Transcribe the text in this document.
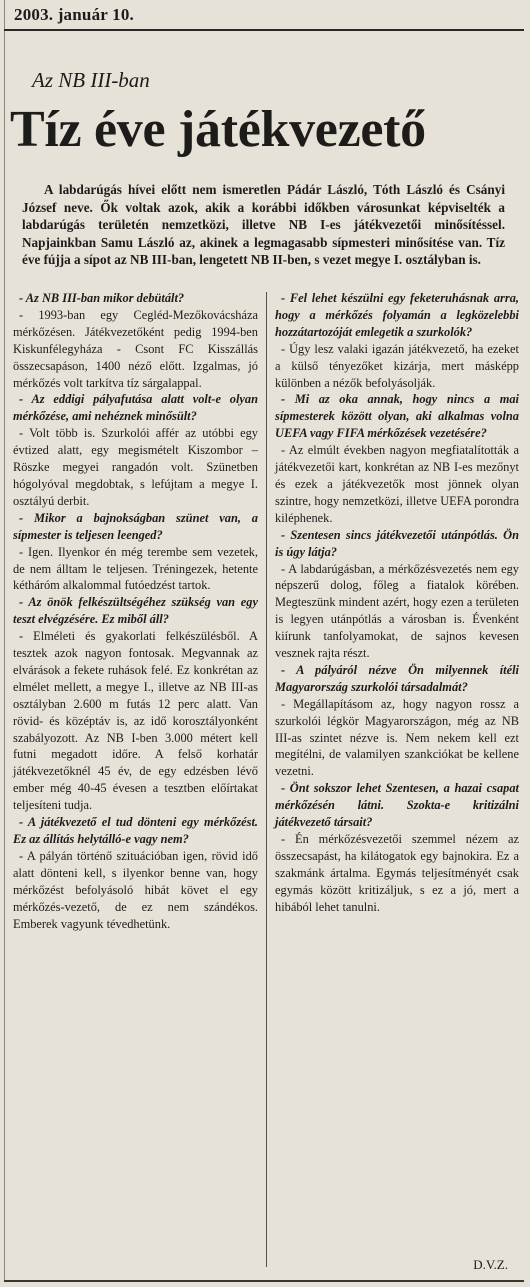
2003. január 10.
Az NB III-ban
Tíz éve játékvezető

A labdarúgás hívei előtt nem ismeretlen Pádár László, Tóth László és Csányi József neve. Ők voltak azok, akik a korábbi időkben városunkat képviselték a labdarúgás területén nemzetközi, illetve NB I-es játékvezetői minősítéssel. Napjainkban Samu László az, akinek a legmagasabb sípmesteri minősítése van. Tíz éve fújja a sípot az NB III-ban, lengetett NB II-ben, s vezet megye I. osztályban is.

- Az NB III-ban mikor debütált?

- 1993-ban egy Cegléd-Mezőkovácsháza mérkőzésen. Játékvezetőként pedig 1994-ben Kiskunfélegyháza - Csont FC Kisszállás összecsapáson, 1400 néző előtt. Izgalmas, jó mérkőzés volt tarkítva tíz sárgalappal.

- Az eddigi pályafutása alatt volt-e olyan mérkőzése, ami nehéznek minősült?

- Volt több is. Szurkolói affér az utóbbi egy évtized alatt, egy megismételt Kiszombor – Röszke megyei rangadón volt. Szünetben hógolyóval megdobtak, s lefújtam a megye I. osztályú derbit.

- Mikor a bajnokságban szünet van, a sípmester is teljesen leenged?

- Igen. Ilyenkor én még terembe sem vezetek, de nem álltam le teljesen. Tréningezek, hetente kétháróm alkalommal futóedzést tartok.

- Az önök felkészültségéhez szükség van egy teszt elvégzésére. Ez miből áll?

- Elméleti és gyakorlati felkészülésből. A tesztek azok nagyon fontosak. Megvannak az elvárások a fekete ruhások felé. Ez konkrétan az elmélet mellett, a megye I., illetve az NB III-as osztályban 2.600 m futás 12 perc alatt. Van rövid- és középtáv is, az idő korosztályonként szabályozott. Az NB I-ben 3.000 métert kell futni megadott időre. A felső korhatár játékvezetőknél 45 év, de egy edzésben lévő ember még 40-45 évesen a tesztben előírtakat teljesíteni tudja.

- A játékvezető el tud dönteni egy mérkőzést. Ez az állítás helytálló-e vagy nem?

- A pályán történő szituációban igen, rövid idő alatt dönteni kell, s ilyenkor benne van, hogy mérkőzést befolyásoló hibát követ el egy mérkőzés-vezető, de ez nem szándékos. Emberek vagyunk tévedhetünk.

- Fel lehet készülni egy feketeruhásnak arra, hogy a mérkőzés folyamán a legközelebbi hozzátartozóját emlegetik a szurkolók?

- Úgy lesz valaki igazán játékvezető, ha ezeket a külső tényezőket kizárja, mert másképp különben a nézők befolyásolják.

- Mi az oka annak, hogy nincs a mai sípmesterek között olyan, aki alkalmas volna UEFA vagy FIFA mérkőzések vezetésére?

- Az elmúlt években nagyon megfiatalították a játékvezetői kart, konkrétan az NB I-es mezőnyt és ezek a játékvezetők most jönnek olyan szintre, hogy nemzetközi, illetve UEFA porondra kiléphenek.

- Szentesen sincs játékvezetői utánpótlás. Ön is úgy látja?

- A labdarúgásban, a mérkőzésvezetés nem egy népszerű dolog, főleg a fiatalok körében. Megteszünk mindent azért, hogy ezen a területen is legyen utánpótlás a városban is. Évenként kiírunk tanfolyamokat, de sajnos kevesen vesznek rajta részt.

- A pályáról nézve Ön milyennek ítéli Magyarország szurkolói társadalmát?

- Megállapításom az, hogy nagyon rossz a szurkolói légkör Magyarországon, még az NB III-as szintet nézve is. Nem nekem kell ezt megítélni, de valamilyen szankciókat be kellene vezetni.

- Önt sokszor lehet Szentesen, a hazai csapat mérkőzésén látni. Szokta-e kritizálni játékvezető társait?

- Én mérkőzésvezetői szemmel nézem az összecsapást, ha kilátogatok egy bajnokira. Ez a szakmánk ártalma. Egymás teljesítményét csak egymás között kritizáljuk, s ez a jó, mert a hibából lehet tanulni.

D.V.Z.
